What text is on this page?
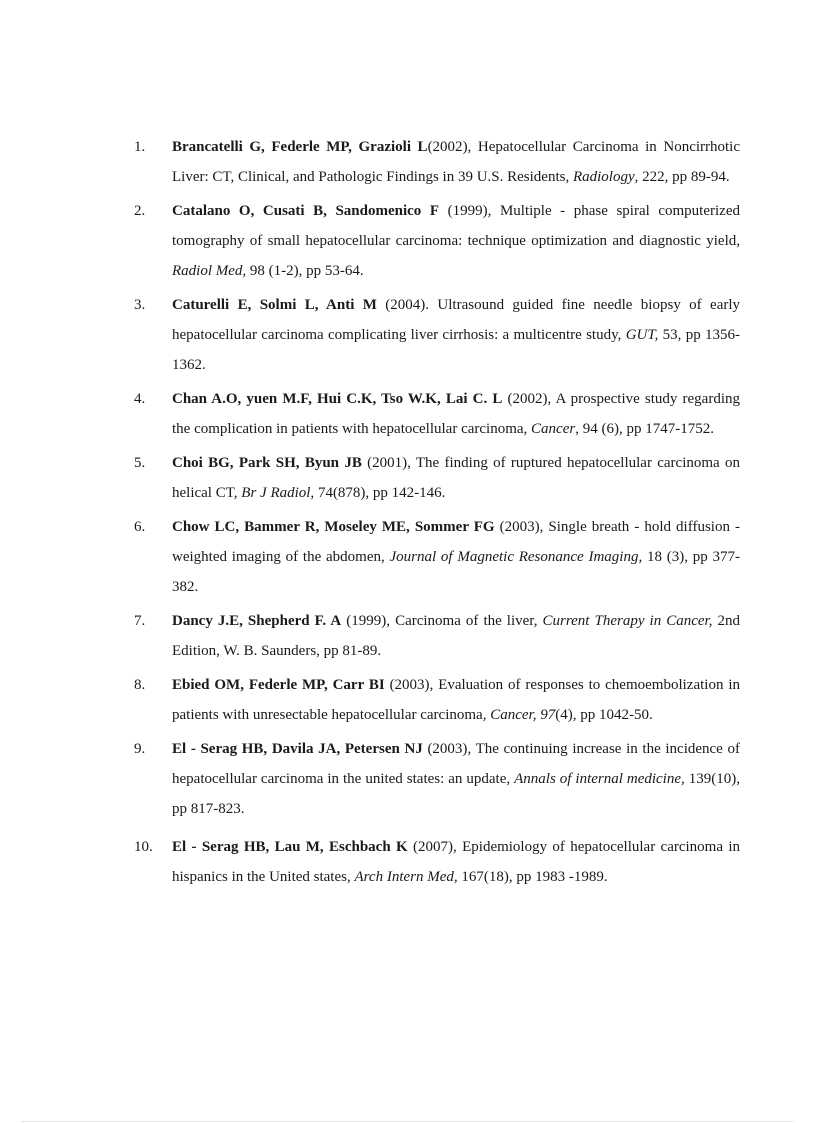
1. Brancatelli G, Federle MP, Grazioli L(2002), Hepatocellular Carcinoma in Noncirrhotic Liver: CT, Clinical, and Pathologic Findings in 39 U.S. Residents, Radiology, 222, pp 89-94.
2. Catalano O, Cusati B, Sandomenico F (1999), Multiple - phase spiral computerized tomography of small hepatocellular carcinoma: technique optimization and diagnostic yield, Radiol Med, 98 (1-2), pp 53-64.
3. Caturelli E, Solmi L, Anti M (2004). Ultrasound guided fine needle biopsy of early hepatocellular carcinoma complicating liver cirrhosis: a multicentre study, GUT, 53, pp 1356-1362.
4. Chan A.O, yuen M.F, Hui C.K, Tso W.K, Lai C. L (2002), A prospective study regarding the complication in patients with hepatocellular carcinoma, Cancer, 94 (6), pp 1747-1752.
5. Choi BG, Park SH, Byun JB (2001), The finding of ruptured hepatocellular carcinoma on helical CT, Br J Radiol, 74(878), pp 142-146.
6. Chow LC, Bammer R, Moseley ME, Sommer FG (2003), Single breath - hold diffusion - weighted imaging of the abdomen, Journal of Magnetic Resonance Imaging, 18 (3), pp 377-382.
7. Dancy J.E, Shepherd F. A (1999), Carcinoma of the liver, Current Therapy in Cancer, 2nd Edition, W. B. Saunders, pp 81-89.
8. Ebied OM, Federle MP, Carr BI (2003), Evaluation of responses to chemoembolization in patients with unresectable hepatocellular carcinoma, Cancer, 97(4), pp 1042-50.
9. El - Serag HB, Davila JA, Petersen NJ (2003), The continuing increase in the incidence of hepatocellular carcinoma in the united states: an update, Annals of internal medicine, 139(10), pp 817-823.
10. El - Serag HB, Lau M, Eschbach K (2007), Epidemiology of hepatocellular carcinoma in hispanics in the United states, Arch Intern Med, 167(18), pp 1983 -1989.
